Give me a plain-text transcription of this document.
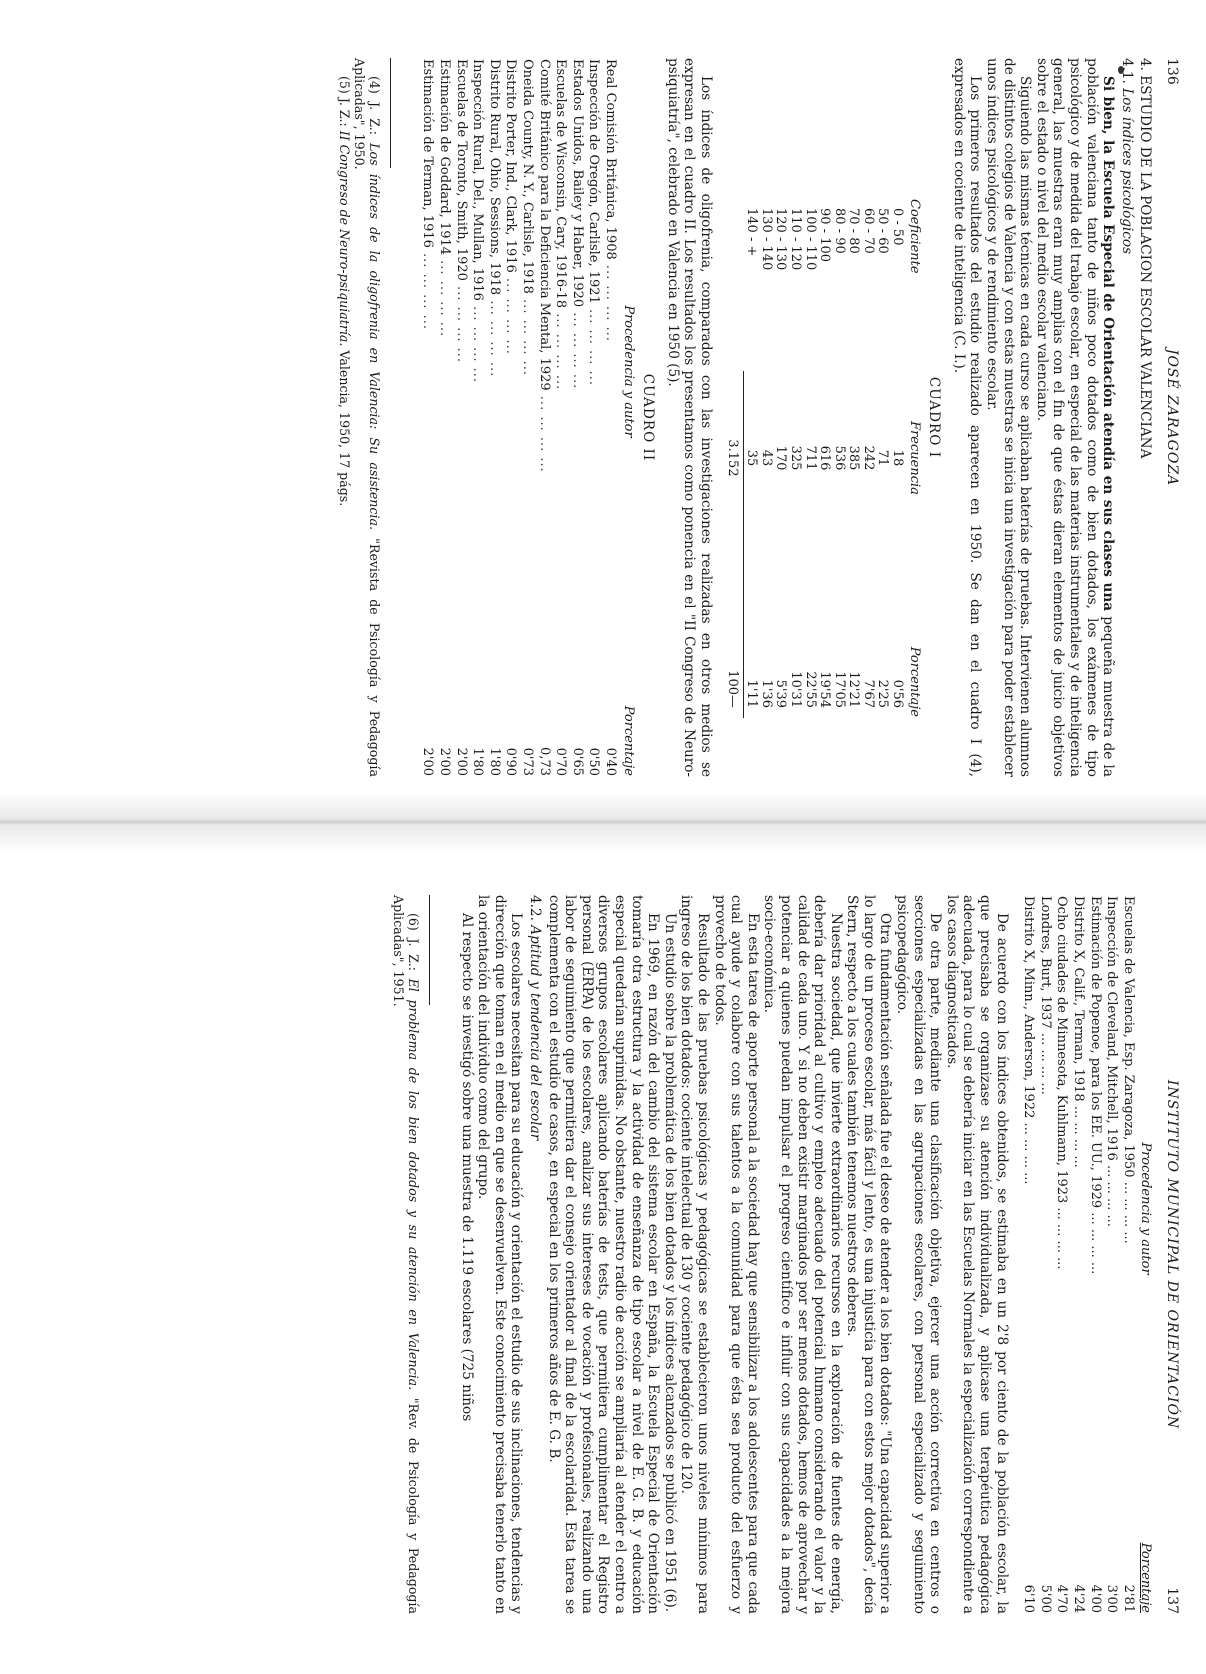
136
JOSÉ ZARAGOZA
4. ESTUDIO DE LA POBLACION ESCOLAR VALENCIANA
4.1. Los índices psicológicos

Si bien, la Escuela Especial de Orientación atendía en sus clases una pequeña muestra de la población valenciana tanto de niños poco dotados como de bien dotados, los exámenes de tipo psicológico y de medida del trabajo escolar, en especial de las materias instrumentales y de inteligencia general, las muestras eran muy amplias con el fin de que éstas dieran elementos de juicio objetivos sobre el estado o nivel del medio escolar valenciano.

Siguiendo las mismas técnicas en cada curso se aplicaban baterías de pruebas. Intervienen alumnos de distintos colegios de Valencia y con estas muestras se inicia una investigación para poder establecer unos índices psicológicos y de rendimiento escolar.

Los primeros resultados del estudio realizado aparecen en 1950. Se dan en el cuadro I (4), expresados en cociente de inteligencia (C. I.).

CUADRO I
Coeficiente	Frecuencia	Porcentaje
0 - 50	18	0'56
50 - 60	71	2'25
60 - 70	242	7'67
70 - 80	385	12'21
80 - 90	536	17'05
90 - 100	616	19'54
100 - 110	711	22'55
110 - 120	325	10'31
120 - 130	170	5'39
130 - 140	43	1'36
140 - +	35	1'11
	3.152	100—

Los índices de oligofrenia, comparados con las investigaciones realizadas en otros medios se expresan en el cuadro II. Los resultados los presentamos como ponencia en el "II Congreso de Neuro-psiquiatría", celebrado en Valencia en 1950 (5).

CUADRO II
Procedencia y autor	Porcentaje
Real Comisión Británica, 1908 ... ... ... ...	0'40
Inspección de Oregón, Carlisle, 1921 ... ... ... ...	0'50
Estados Unidos, Bailey y Haber, 1920 ... ... ... ...	0'65
Escuelas de Wisconsin, Cary, 1916-18 ... ... ... ...	0'70
Comité Británico para la Deficiencia Mental, 1929 ... ... ... ...	0,73
Oneida County, N. Y., Carlisle, 1918 ... ... ... ...	0'73
Distrito Porter, Ind., Clark, 1916 ... ... ... ...	0'90
Distrito Rural, Ohio, Sessions, 1918 ... ... ... ...	1'80
Inspección Rural, Del., Mullan, 1916 ... ... ... ...	1'80
Escuelas de Toronto, Smith, 1920 ... ... ... ...	2'00
Estimación de Goddard, 1914 ... ... ... ...	2'00
Estimación de Terman, 1916 ... ... ... ...	2'00

(4) J. Z.: Los índices de la oligofrenia en Valencia: Su asistencia. "Revista de Psicología y Pedagogía Aplicadas", 1950.

(5) J. Z.: II Congreso de Neuro-psiquiatría. Valencia, 1950, 17 págs.

INSTITUTO MUNICIPAL DE ORIENTACIÓN
137
Procedencia y autor	Porcentaje
Escuelas de Valencia, Esp. Zaragoza, 1950 ... ... ... ...	2'81
Inspección de Cleveland, Mitchell, 1916 ... ... ... ...	3'00
Estimación de Popenoe, para los EE. UU., 1929 ... ... ... ...	4'00
Distrito X, Calif., Terman, 1918 ... ... ... ...	4'24
Ocho ciudades de Minnesota, Kuhlmann, 1923 ... ... ... ...	4'70
Londres, Burt, 1937 ... ... ... ...	5'00
Distrito X, Minn., Anderson, 1922 ... ... ... ...	6'10

De acuerdo con los índices obtenidos, se estimaba en un 2'8 por ciento de la población escolar, la que precisaba se organizase su atención individualizada, y aplicase una terapéutica pedagógica adecuada, para lo cual se debería iniciar en las Escuelas Normales la especialización correspondiente a los casos diagnosticados.

De otra parte, mediante una clasificación objetiva, ejercer una acción correctiva en centros o secciones especializadas en las agrupaciones escolares, con personal especializado y seguimiento psicopedagógico.

Otra fundamentación señalada fue el deseo de atender a los bien dotados: "Una capacidad superior a lo largo de un proceso escolar, más fácil y lento, es una injusticia para con estos mejor dotados", decía Stern, respecto a los cuales también tenemos nuestros deberes.

Nuestra sociedad, que invierte extraordinarios recursos en la exploración de fuentes de energía, debería dar prioridad al cultivo y empleo adecuado del potencial humano considerando el valor y la calidad de cada uno. Y si no deben existir marginados por ser menos dotados, hemos de aprovechar y potenciar a quienes puedan impulsar el progreso científico e influir con sus capacidades a la mejora socio-económica.

En esta tarea de aporte personal a la sociedad hay que sensibilizar a los adolescentes para que cada cual ayude y colabore con sus talentos a la comunidad para que ésta sea producto del esfuerzo y provecho de todos.

Resultado de las pruebas psicológicas y pedagógicas se establecieron unos niveles mínimos para ingreso de los bien dotados: cociente intelectual de 130 y cociente pedagógico de 120.

Un estudio sobre la problemática de los bien dotados y los índices alcanzados se publicó en 1951 (6).

En 1969, en razón del cambio del sistema escolar en España, la Escuela Especial de Orientación tomaría otra estructura y la actividad de enseñanza de tipo escolar a nivel de E. G. B. y educación especial quedarían suprimidas. No obstante, nuestro radio de acción se ampliaría al atender el centro a diversos grupos escolares aplicando baterías de tests, que permitiera cumplimentar el Registro personal (ERPA) de los escolares, analizar sus intereses de vocación y profesionales, realizando una labor de seguimiento que permitiera dar el consejo orientador al final de la escolaridad. Esta tarea se complementa con el estudio de casos, en especial en los primeros años de E. G. B.

4.2. Aptitud y tendencia del escolar

Los escolares necesitan para su educación y orientación el estudio de sus inclinaciones, tendencias y dirección que toman en el medio en que se desenvuelven. Este conocimiento precisaba tenerlo tanto en la orientación del individuo como del grupo.

Al respecto se investigó sobre una muestra de 1.119 escolares (725 niños

(6) J. Z.: El problema de los bien dotados y su atención en Valencia. "Rev. de Psicología y Pedagogía Aplicadas", 1951.
